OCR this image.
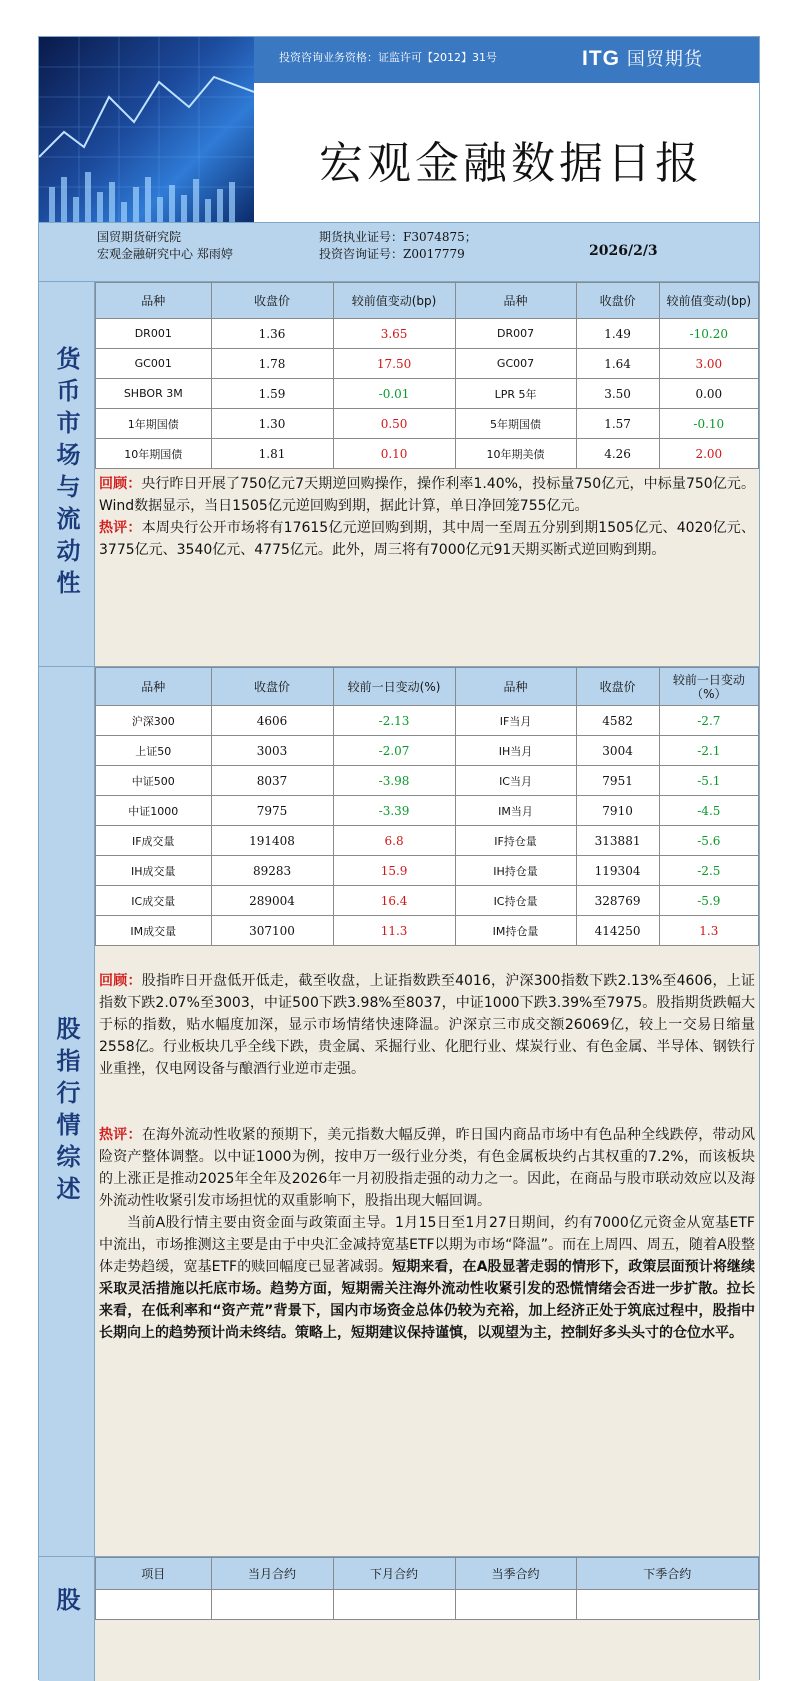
投资咨询业务资格：证监许可【2012】31号	ITG 国贸期货
宏观金融数据日报
国贸期货研究院
宏观金融研究中心 郑雨婷
期货执业证号：F3074875；
投资咨询证号：Z0017779	2026/2/3
货币市场与流动性
品种	收盘价	较前值变动(bp)	品种	收盘价	较前值变动(bp)
DR001	1.36	3.65	DR007	1.49	-10.20
GC001	1.78	17.50	GC007	1.64	3.00
SHBOR 3M	1.59	-0.01	LPR 5年	3.50	0.00
1年期国债	1.30	0.50	5年期国债	1.57	-0.10
10年期国债	1.81	0.10	10年期美债	4.26	2.00

回顾：央行昨日开展了750亿元7天期逆回购操作，操作利率1.40%，投标量750亿元，中标量750亿元。Wind数据显示，当日1505亿元逆回购到期，据此计算，单日净回笼755亿元。

热评：本周央行公开市场将有17615亿元逆回购到期，其中周一至周五分别到期1505亿元、4020亿元、3775亿元、3540亿元、4775亿元。此外，周三将有7000亿元91天期买断式逆回购到期。

股指行情综述
品种	收盘价	较前一日变动(%)	品种	收盘价	较前一日变动（%）
沪深300	4606	-2.13	IF当月	4582	-2.7
上证50	3003	-2.07	IH当月	3004	-2.1
中证500	8037	-3.98	IC当月	7951	-5.1
中证1000	7975	-3.39	IM当月	7910	-4.5
IF成交量	191408	6.8	IF持仓量	313881	-5.6
IH成交量	89283	15.9	IH持仓量	119304	-2.5
IC成交量	289004	16.4	IC持仓量	328769	-5.9
IM成交量	307100	11.3	IM持仓量	414250	1.3

回顾：股指昨日开盘低开低走，截至收盘，上证指数跌至4016，沪深300指数下跌2.13%至4606，上证指数下跌2.07%至3003，中证500下跌3.98%至8037，中证1000下跌3.39%至7975。股指期货跌幅大于标的指数，贴水幅度加深，显示市场情绪快速降温。沪深京三市成交额26069亿，较上一交易日缩量2558亿。行业板块几乎全线下跌，贵金属、采掘行业、化肥行业、煤炭行业、有色金属、半导体、钢铁行业重挫，仅电网设备与酿酒行业逆市走强。

热评：在海外流动性收紧的预期下，美元指数大幅反弹，昨日国内商品市场中有色品种全线跌停，带动风险资产整体调整。以中证1000为例，按申万一级行业分类，有色金属板块约占其权重的7.2%，而该板块的上涨正是推动2025年全年及2026年一月初股指走强的动力之一。因此，在商品与股市联动效应以及海外流动性收紧引发市场担忧的双重影响下，股指出现大幅回调。

当前A股行情主要由资金面与政策面主导。1月15日至1月27日期间，约有7000亿元资金从宽基ETF中流出，市场推测这主要是由于中央汇金减持宽基ETF以期为市场“降温”。而在上周四、周五，随着A股整体走势趋缓，宽基ETF的赎回幅度已显著减弱。短期来看，在A股显著走弱的情形下，政策层面预计将继续采取灵活措施以托底市场。趋势方面，短期需关注海外流动性收紧引发的恐慌情绪会否进一步扩散。拉长来看，在低利率和“资产荒”背景下，国内市场资金总体仍较为充裕，加上经济正处于筑底过程中，股指中长期向上的趋势预计尚未终结。策略上，短期建议保持谨慎，以观望为主，控制好多头头寸的仓位水平。

股
项目	当月合约	下月合约	当季合约	下季合约
